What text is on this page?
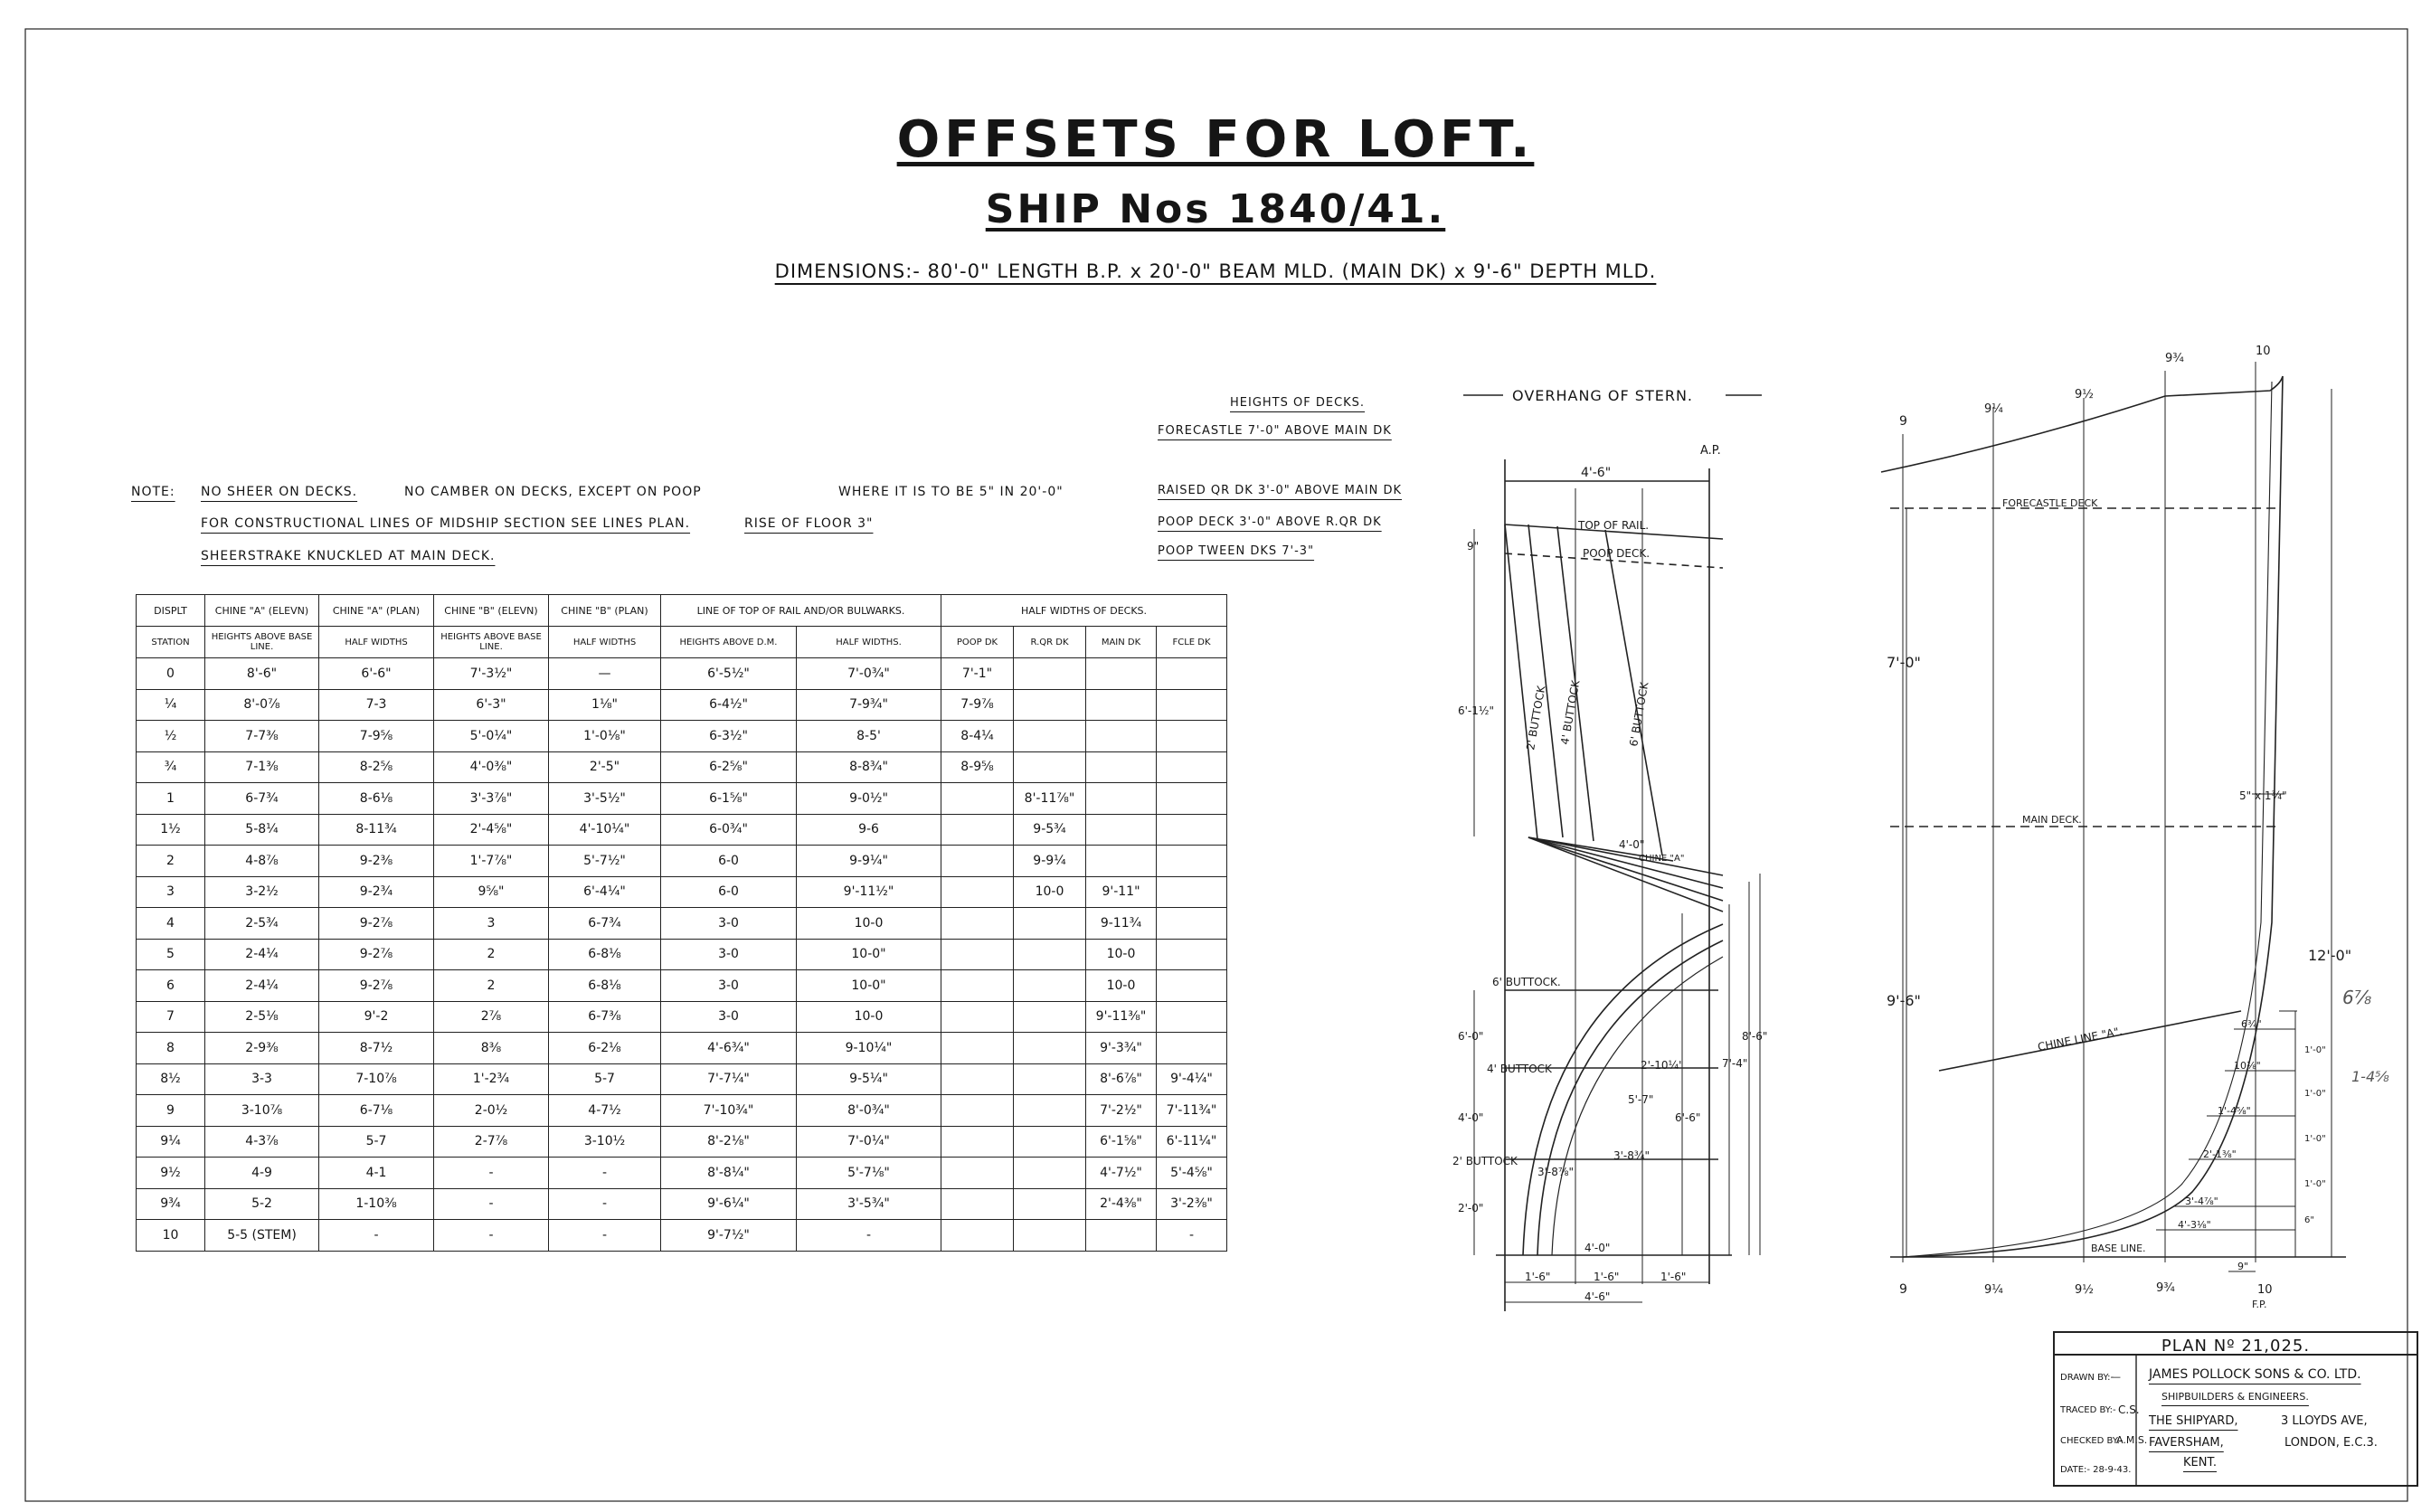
OFFSETS FOR LOFT.
SHIP Nos 1840/41.
DIMENSIONS:- 80'-0" LENGTH B.P. x 20'-0" BEAM MLD. (MAIN DK) x 9'-6" DEPTH MLD.
NOTE: NO SHEER ON DECKS.	NO CAMBER ON DECKS, EXCEPT ON POOP	WHERE IT IS TO BE 5" IN 20'-0"
FOR CONSTRUCTIONAL LINES OF MIDSHIP SECTION SEE LINES PLAN.	RISE OF FLOOR 3"
SHEERSTRAKE KNUCKLED AT MAIN DECK.
HEIGHTS OF DECKS.
FORECASTLE 7'-0" ABOVE MAIN DK
RAISED QR DK 3'-0" ABOVE MAIN DK
POOP DECK 3'-0" ABOVE R.QR DK
POOP TWEEN DKS 7'-3"
DISPLT	CHINE "A" (ELEVN)	CHINE "A" (PLAN)	CHINE "B" (ELEVN)	CHINE "B" (PLAN)	LINE OF TOP OF RAIL AND/OR BULWARKS.		HALF WIDTHS OF DECKS.			
STATION	HEIGHTS ABOVE BASE LINE.	HALF WIDTHS	HEIGHTS ABOVE BASE LINE.	HALF WIDTHS	HEIGHTS ABOVE D.M.	HALF WIDTHS.	POOP DK	R.QR DK	MAIN DK	FCLE DK
0	8'-6"	6'-6"	7'-3½"	—	6'-5½"	7'-0¾"	7'-1"			
¼	8'-0⅞	7-3	6'-3"	1⅛"	6-4½"	7-9¾"	7-9⅞			
½	7-7⅜	7-9⅝	5'-0¼"	1'-0⅛"	6-3½"	8-5'	8-4¼			
¾	7-1⅜	8-2⅝	4'-0⅜"	2'-5"	6-2⅝"	8-8¾"	8-9⅝			
1	6-7¾	8-6⅛	3'-3⅞"	3'-5½"	6-1⅝"	9-0½"		8'-11⅞"		
1½	5-8¼	8-11¾	2'-4⅝"	4'-10¼"	6-0¾"	9-6		9-5¾		
2	4-8⅞	9-2⅜	1'-7⅞"	5'-7½"	6-0	9-9¼"		9-9¼		
3	3-2½	9-2¾	9⅝"	6'-4¼"	6-0	9'-11½"		10-0	9'-11"	
4	2-5¾	9-2⅞	3	6-7¾	3-0	10-0			9-11¾	
5	2-4¼	9-2⅞	2	6-8⅛	3-0	10-0"			10-0	
6	2-4¼	9-2⅞	2	6-8⅛	3-0	10-0"			10-0	
7	2-5⅛	9'-2	2⅞	6-7⅜	3-0	10-0			9'-11⅜"	
8	2-9⅜	8-7½	8⅜	6-2⅛	4'-6¾"	9-10¼"			9'-3¾"	
8½	3-3	7-10⅞	1'-2¾	5-7	7'-7¼"	9-5¼"			8'-6⅞"	9'-4¼"
9	3-10⅞	6-7⅛	2-0½	4-7½	7'-10¾"	8'-0¾"			7'-2½"	7'-11¾"
9¼	4-3⅞	5-7	2-7⅞	3-10½	8'-2⅛"	7'-0¼"			6'-1⅝"	6'-11¼"
9½	4-9	4-1	-	-	8'-8¼"	5'-7⅛"			4'-7½"	5'-4⅝"
9¾	5-2	1-10⅜	-	-	9'-6¼"	3'-5¾"			2'-4⅜"	3'-2⅜"
10	5-5 (STEM)	-	-	-	9'-7½"	-				-
A.P.
4'-6"
TOP OF RAIL.
POOP DECK.
9"
6'-1½"	2' BUTTOCK 4' BUTTOCK	6' BUTTOCK
4'-0"
CHINE "A"
6' BUTTOCK.
4' BUTTOCK
2' BUTTOCK
6'-0"
4'-0"
2'-0"
2'-10¼"
3'-8¾"
3'-8⅞"
4'-0"
5'-7"
6'-6"
7'-4"
8'-6"
1'-6"	1'-6"	1'-6"
4'-6"
9
9¼
9½
9¾
10
9	9¼	9½	9¾	10
F.P.
FORECASTLE DECK
MAIN DECK.
CHINE LINE "A".
BASE LINE.
7'-0"
9'-6"
12'-0"
5" x 1¾"
6¾"
10⅛"
1'-4⅝"
2'-1⅜"
3'-4⅞"
4'-3⅛"
9"
1'-0"
1'-0"
1'-0"
1'-0"
6"
6⅞
1-4⅝
OVERHANG OF STERN.
PLAN Nº 21,025.
DRAWN BY:-
—
TRACED BY:- C.S.
CHECKED BY:-
A.M.S.
DATE:- 28-9-43.
JAMES POLLOCK SONS & CO. LTD.
SHIPBUILDERS & ENGINEERS.
THE SHIPYARD,
FAVERSHAM,
KENT.
3 LLOYDS AVE,
LONDON, E.C.3.
